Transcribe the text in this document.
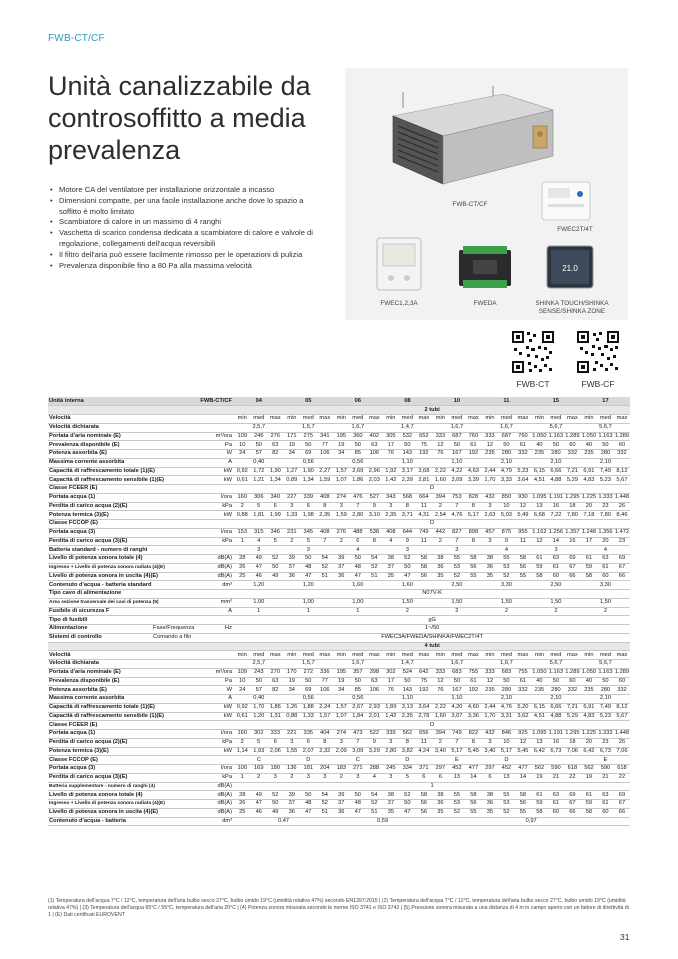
FWB-CT/CF
Unità canalizzabile da controsoffitto a media prevalenza
• Motore CA del ventilatore per installazione orizzontale a incasso
• Dimensioni compatte, per una facile installazione anche dove lo spazio a soffitto è molto limitato
• Scambiatore di calore in un massimo di 4 ranghi
• Vaschetta di scarico condensa dedicata a scambiatore di calore e valvole di regolazione, collegamenti dell'acqua reversibili
• Il filtro dell'aria può essere facilmente rimosso per le operazioni di pulizia
• Prevalenza disponibile fino a 80 Pa alla massima velocità
FWB-CT/CF
FWEC2T/4T
FWEC1,2,3A	FWEDA
21.0
SHINKA TOUCH/SHINKA SENSE/SHINKA ZONE
FWB-CT	FWB-CF
Unità interna	FWB-CT/CF		04			05			06			08			10			11			15			17		
			2 tubi																							
Velocità			min	med	max	min	med	max	min	med	max	min	med	max	min	med	max	min	med	max	min	med	max	min	med	max
Velocità dichiarata			2,5,7			1,5,7			1,6,7			1,4,7			1,6,7			1,6,7			5,6,7			5,6,7		
Portata d'aria nominale (E)		m³/ora	109	246	276	171	275	341	195	360	402	305	532	652	333	687	760	333	687	760	1.050	1.163	1.289	1.050	1.163	1.289
Prevalenza disponibile (E)		Pa	10	50	63	19	50	77	19	50	63	17	50	75	12	50	61	12	50	61	40	50	60	40	50	60
Potenza assorbita (E)		W	24	57	82	34	69	106	34	85	106	76	143	192	76	167	192	235	280	332	235	280	332	235	280	332
Massima corrente assorbita		A	0,40			0,56			0,56			1,10			1,10			2,10			2,10			2,10		
Capacità di raffrescamento totale (1)(E)		kW	0,92	1,72	1,90	1,27	1,90	2,27	1,57	2,69	2,96	1,92	3,17	3,68	2,22	4,22	4,63	2,44	4,79	5,23	6,15	6,66	7,21	6,91	7,49	8,12
Capacità di raffrescamento sensibile (1)(E)		kW	0,61	1,21	1,34	0,89	1,34	1,59	1,07	1,86	2,03	1,42	2,39	2,81	1,60	3,09	3,39	1,70	3,33	3,64	4,51	4,88	5,29	4,83	5,23	5,67
Classe FCEER (E)			D																							
Portata acqua (1)		l/ora	160	306	340	227	339	408	274	476	527	343	568	664	394	753	828	432	850	930	1.095	1.191	1.295	1.225	1.333	1.448
Perdita di carico acqua (2)(E)		kPa	2	5	6	3	6	8	3	7	9	3	8	11	2	7	8	3	10	12	13	16	18	20	23	26
Potenza termica (3)(E)		kW	0,88	1,81	1,99	1,33	1,98	2,35	1,59	2,80	3,10	2,35	3,71	4,31	2,54	4,76	5,17	2,63	5,03	5,49	6,68	7,22	7,80	7,18	7,80	8,46
Classe FCCOP (E)			D																							
Portata acqua (3)		l/ora	153	315	346	231	345	408	276	488	538	408	644	749	442	827	898	457	875	955	1.162	1.256	1.357	1.248	1.356	1.472
Perdita di carico acqua (3)(E)		kPa	1	4	5	2	5	7	2	6	8	4	9	11	2	7	8	3	9	11	12	14	16	17	20	23
Batteria standard - numero di ranghi			3			3			4			3			3			4			3			4		
Livello di potenza sonora totale (4)		dB(A)	28	49	52	39	50	54	39	50	54	38	52	58	38	55	58	38	55	58	61	63	69	61	63	69
Ingresso + Livello di potenza sonora radiata (4)(E)		dB(A)	26	47	50	37	48	52	37	48	52	37	50	58	36	53	56	36	53	56	59	61	67	59	61	67
Livello di potenza sonora in uscita (4)(E)		dB(A)	25	46	49	36	47	51	36	47	51	35	47	56	35	52	55	35	52	55	58	60	66	58	60	66
Contenuto d'acqua - batteria standard		dm³	1,20			1,20			1,60			1,60			2,50			3,30			2,50			3,30		
Tipo cavo di alimentazione			N07V-K																							
Area sezione trasversale dei cavi di potenza (5)		mm²	1,00			1,00			1,00			1,50			1,50			1,50			1,50			1,50		
Fusibile di sicurezza F		A	1			1			1			2			2			2			2			2		
Tipo di fusibili			gG																							
Alimentazione	Fase/Frequenza	Hz	1~/50																							
Sistemi di controllo	Comando a filo		FWEC3A/FWEDA/SHINKA/FWEC2T/4T																							
			4 tubi																							
Velocità			min	med	max	min	med	max	min	med	max	min	med	max	min	med	max	min	med	max	min	med	max	min	med	max
Velocità dichiarata			2,5,7			1,5,7			1,6,7			1,4,7			1,6,7			1,6,7			5,6,7			5,6,7		
Portata d'aria nominale (E)		m³/ora	109	243	270	170	272	336	195	357	398	302	524	642	333	683	755	333	683	755	1.050	1.163	1.289	1.050	1.163	1.289
Prevalenza disponibile (E)		Pa	10	50	63	19	50	77	19	50	63	17	50	75	12	50	61	12	50	61	40	50	60	40	50	60
Potenza assorbita (E)		W	24	57	82	34	69	106	34	85	106	76	143	192	76	167	192	235	280	332	235	280	332	235	280	332
Massima corrente assorbita		A	0,40			0,56			0,56			1,10			1,10			2,10			2,10			2,10		
Capacità di raffrescamento totale (1)(E)		kW	0,92	1,70	1,86	1,26	1,88	2,24	1,57	2,67	2,93	1,89	3,13	3,64	2,22	4,20	4,60	2,44	4,76	5,20	6,15	6,66	7,21	6,91	7,49	8,12
Capacità di raffrescamento sensibile (1)(E)		kW	0,61	1,20	1,31	0,88	1,33	1,57	1,07	1,84	2,01	1,42	2,35	2,78	1,60	3,07	3,36	1,70	3,31	3,62	4,51	4,88	5,29	4,83	5,23	5,67
Classe FCEER (E)			D																							
Portata acqua (1)		l/ora	160	302	333	221	335	404	274	473	522	339	562	656	394	749	822	432	846	925	1.095	1.191	1.295	1.225	1.333	1.448
Perdita di carico acqua (2)(E)		kPa	2	5	6	3	6	8	3	7	9	3	8	11	2	7	8	3	10	12	13	16	18	20	23	26
Potenza termica (3)(E)		kW	1,14	1,93	2,06	1,55	2,07	2,32	2,09	3,09	3,29	2,80	3,82	4,24	3,40	5,17	5,45	3,40	5,17	5,45	6,42	6,73	7,06	6,42	6,73	7,06
Classe FCCOP (E)			C			D			C			D			E			D						E		
Portata acqua (3)		l/ora	100	169	180	136	181	204	183	271	288	245	334	371	297	452	477	297	452	477	562	590	618	562	590	618
Perdita di carico acqua (3)(E)		kPa	1	2	3	2	3	3	2	3	4	3	5	6	6	13	14	6	13	14	19	21	22	19	21	22
Batteria supplementare - numero di ranghi (4)		dB(A)	1																							
Livello di potenza sonora totale (4)		dB(A)	28	49	52	39	50	54	39	50	54	38	52	58	38	55	58	38	55	58	61	63	69	61	63	69
Ingresso + Livello di potenza sonora radiata (4)(E)		dB(A)	26	47	50	37	48	52	37	48	52	37	50	56	36	53	56	36	53	56	59	61	67	59	61	67
Livello di potenza sonora in uscita (4)(E)		dB(A)	25	46	49	36	47	51	36	47	51	35	47	56	35	52	55	35	52	55	58	60	66	58	60	66
Contenuto d'acqua - batteria		dm³	0,47						0,59						0,97											
(1) Temperatura dell'acqua 7°C / 12°C, temperatura dell'aria bulbo secco 27°C, bulbo umido 19°C (umidità relativa 47%) secondo EN1397:2015 | (2) Temperatura dell'acqua 7°C / 12°C, temperatura dell'aria bulbo secco 27°C, bulbo umido 19°C (umidità relativa 47%) | (3) Temperatura dell'acqua 65°C / 55°C, temperatura dell'aria 20°C | (4) Potenza sonora misurata secondo le norme ISO 3741 e ISO 3742 | (5) Pressione sonora misurata a una distanza di 4 m in campo aperto con un fattore di direttività di 1 | (E) Dati certificati EUROVENT
31
